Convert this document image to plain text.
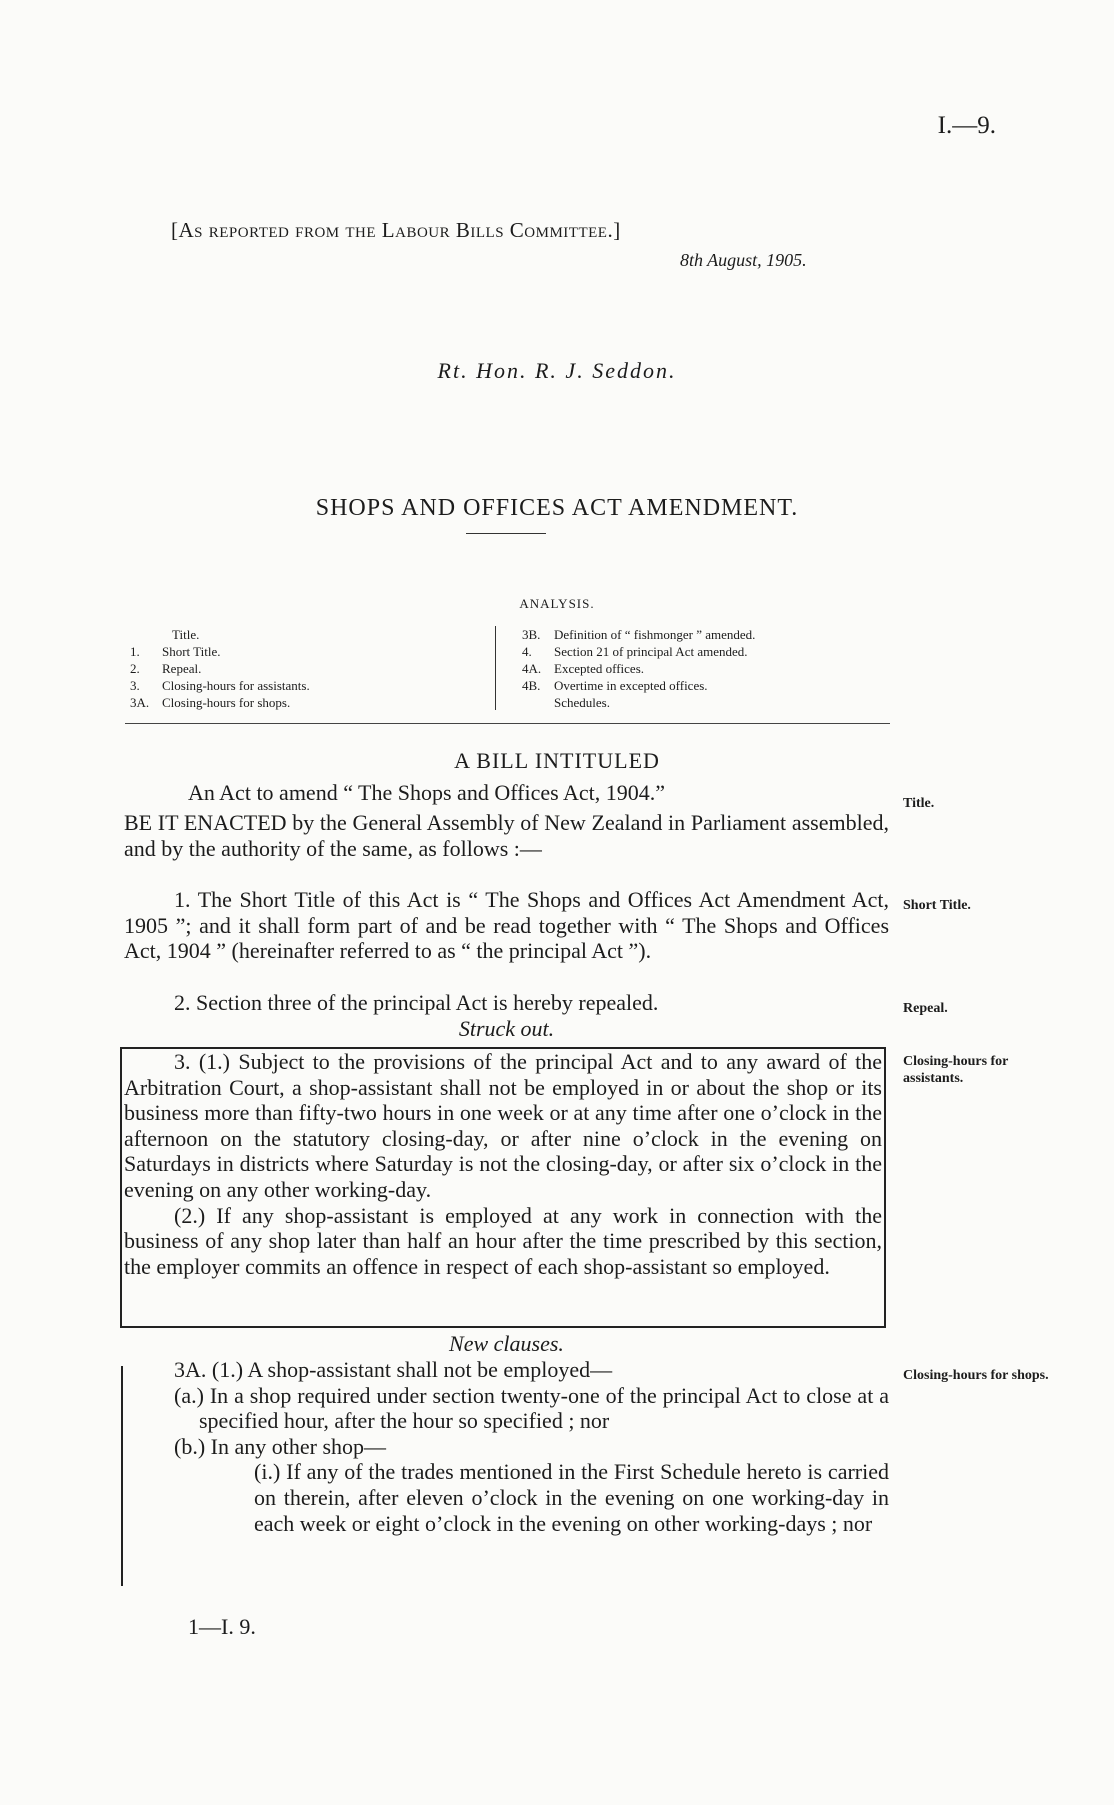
I.—9.
[As reported from the Labour Bills Committee.]
8th August, 1905.
Rt. Hon. R. J. Seddon.
SHOPS AND OFFICES ACT AMENDMENT.
ANALYSIS.
Title.
1.	Short Title.
2.	Repeal.
3.	Closing-hours for assistants.
3A. Closing-hours for shops.
3B.	Definition of “ fishmonger ” amended.
4.	Section 21 of principal Act amended.
4A. Excepted offices.
4B.	Overtime in excepted offices.
Schedules.
A BILL INTITULED
An Act to amend “ The Shops and Offices Act, 1904.”
BE IT ENACTED by the General Assembly of New Zealand in Parliament assembled, and by the authority of the same, as follows :—

1. The Short Title of this Act is “ The Shops and Offices Act Amendment Act, 1905 ”; and it shall form part of and be read together with “ The Shops and Offices Act, 1904 ” (hereinafter referred to as “ the principal Act ”).

2. Section three of the principal Act is hereby repealed.

Struck out.

3. (1.) Subject to the provisions of the principal Act and to any award of the Arbitration Court, a shop-assistant shall not be employed in or about the shop or its business more than fifty-two hours in one week or at any time after one o’clock in the afternoon on the statutory closing-day, or after nine o’clock in the evening on Saturdays in districts where Saturday is not the closing-day, or after six o’clock in the evening on any other working-day.

(2.) If any shop-assistant is employed at any work in connection with the business of any shop later than half an hour after the time prescribed by this section, the employer commits an offence in respect of each shop-assistant so employed.

New clauses.

3A. (1.) A shop-assistant shall not be employed—

(a.) In a shop required under section twenty-one of the principal Act to close at a specified hour, after the hour so specified ; nor

(b.) In any other shop—

(i.) If any of the trades mentioned in the First Schedule hereto is carried on therein, after eleven o’clock in the evening on one working-day in each week or eight o’clock in the evening on other working-days ; nor

Title.
Short Title.
Repeal.
Closing-hours for assistants.
Closing-hours for shops.
1—I. 9.
